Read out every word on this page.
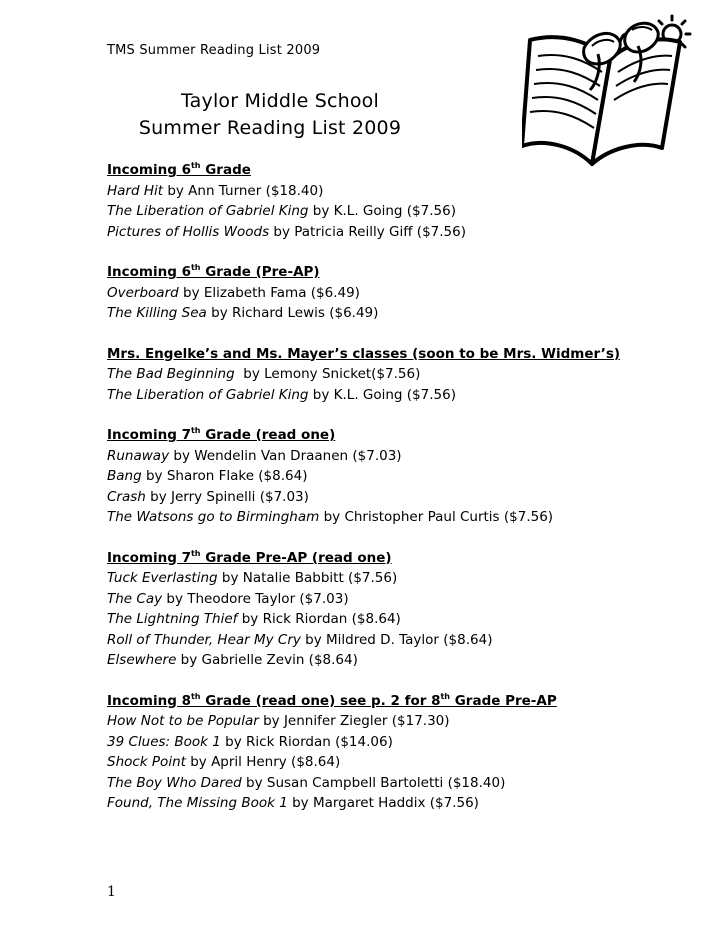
TMS Summer Reading List 2009
Taylor Middle School
Summer Reading List 2009
Incoming 6th Grade
Hard Hit by Ann Turner ($18.40)
The Liberation of Gabriel King by K.L. Going ($7.56)
Pictures of Hollis Woods by Patricia Reilly Giff ($7.56)
Incoming 6th Grade (Pre-AP)
Overboard by Elizabeth Fama ($6.49)
The Killing Sea by Richard Lewis ($6.49)
Mrs. Engelke’s and Ms. Mayer’s classes (soon to be Mrs. Widmer’s)
The Bad Beginning  by Lemony Snicket($7.56)
The Liberation of Gabriel King by K.L. Going ($7.56)
Incoming 7th Grade (read one)
Runaway by Wendelin Van Draanen ($7.03)
Bang by Sharon Flake ($8.64)
Crash by Jerry Spinelli ($7.03)
The Watsons go to Birmingham by Christopher Paul Curtis ($7.56)
Incoming 7th Grade Pre-AP (read one)
Tuck Everlasting by Natalie Babbitt ($7.56)
The Cay by Theodore Taylor ($7.03)
The Lightning Thief by Rick Riordan ($8.64)
Roll of Thunder, Hear My Cry by Mildred D. Taylor ($8.64)
Elsewhere by Gabrielle Zevin ($8.64)
Incoming 8th Grade (read one) see p. 2 for 8th Grade Pre-AP
How Not to be Popular by Jennifer Ziegler ($17.30)
39 Clues: Book 1 by Rick Riordan ($14.06)
Shock Point by April Henry ($8.64)
The Boy Who Dared by Susan Campbell Bartoletti ($18.40)
Found, The Missing Book 1 by Margaret Haddix ($7.56)
1
